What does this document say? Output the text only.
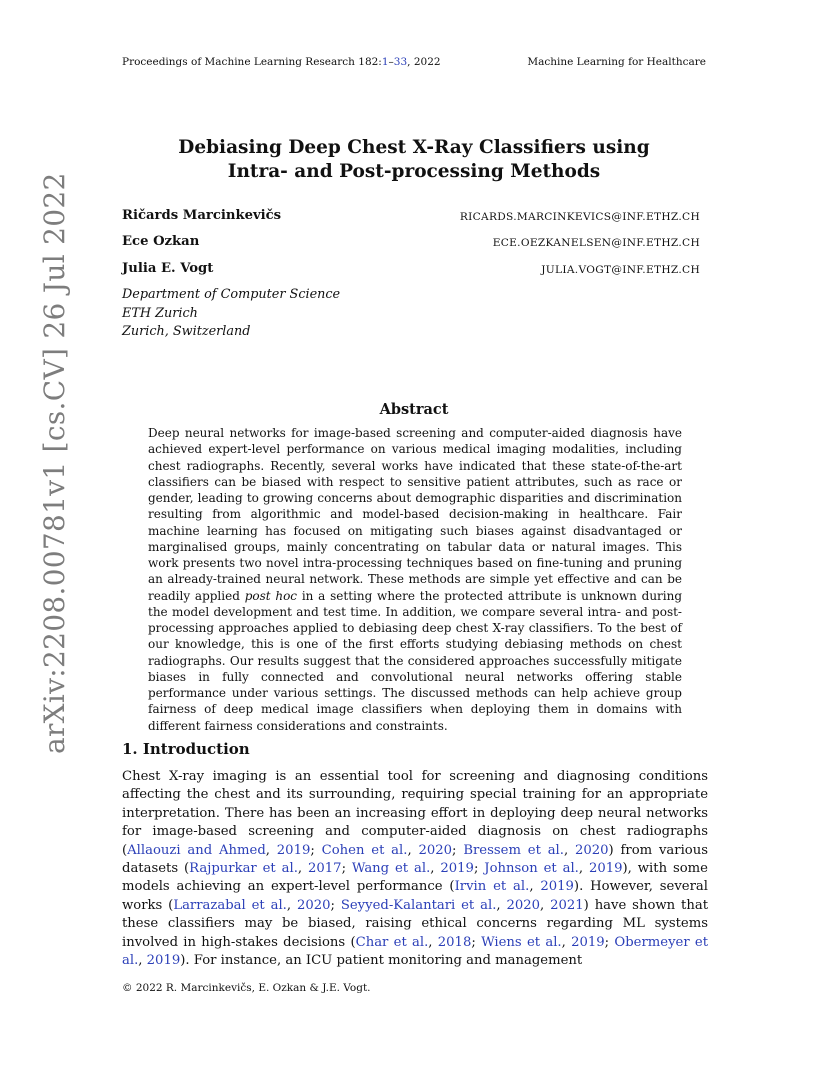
Proceedings of Machine Learning Research 182:1–33, 2022	Machine Learning for Healthcare
arXiv:2208.00781v1 [cs.CV] 26 Jul 2022
Debiasing Deep Chest X-Ray Classifiers using
Intra- and Post-processing Methods
Ričards Marcinkevičs	RICARDS.MARCINKEVICS@INF.ETHZ.CH
Ece Ozkan	ECE.OEZKANELSEN@INF.ETHZ.CH
Julia E. Vogt	JULIA.VOGT@INF.ETHZ.CH
Department of Computer Science
ETH Zurich
Zurich, Switzerland
Abstract
Deep neural networks for image-based screening and computer-aided diagnosis have achieved expert-level performance on various medical imaging modalities, including chest radiographs. Recently, several works have indicated that these state-of-the-art classifiers can be biased with respect to sensitive patient attributes, such as race or gender, leading to growing concerns about demographic disparities and discrimination resulting from algorithmic and model-based decision-making in healthcare. Fair machine learning has focused on mitigating such biases against disadvantaged or marginalised groups, mainly concentrating on tabular data or natural images. This work presents two novel intra-processing techniques based on fine-tuning and pruning an already-trained neural network. These methods are simple yet effective and can be readily applied post hoc in a setting where the protected attribute is unknown during the model development and test time. In addition, we compare several intra- and post-processing approaches applied to debiasing deep chest X-ray classifiers. To the best of our knowledge, this is one of the first efforts studying debiasing methods on chest radiographs. Our results suggest that the considered approaches successfully mitigate biases in fully connected and convolutional neural networks offering stable performance under various settings. The discussed methods can help achieve group fairness of deep medical image classifiers when deploying them in domains with different fairness considerations and constraints.
1. Introduction
Chest X-ray imaging is an essential tool for screening and diagnosing conditions affecting the chest and its surrounding, requiring special training for an appropriate interpretation. There has been an increasing effort in deploying deep neural networks for image-based screening and computer-aided diagnosis on chest radiographs (Allaouzi and Ahmed, 2019; Cohen et al., 2020; Bressem et al., 2020) from various datasets (Rajpurkar et al., 2017; Wang et al., 2019; Johnson et al., 2019), with some models achieving an expert-level performance (Irvin et al., 2019). However, several works (Larrazabal et al., 2020; Seyyed-Kalantari et al., 2020, 2021) have shown that these classifiers may be biased, raising ethical concerns regarding ML systems involved in high-stakes decisions (Char et al., 2018; Wiens et al., 2019; Obermeyer et al., 2019). For instance, an ICU patient monitoring and management
© 2022 R. Marcinkevičs, E. Ozkan & J.E. Vogt.
